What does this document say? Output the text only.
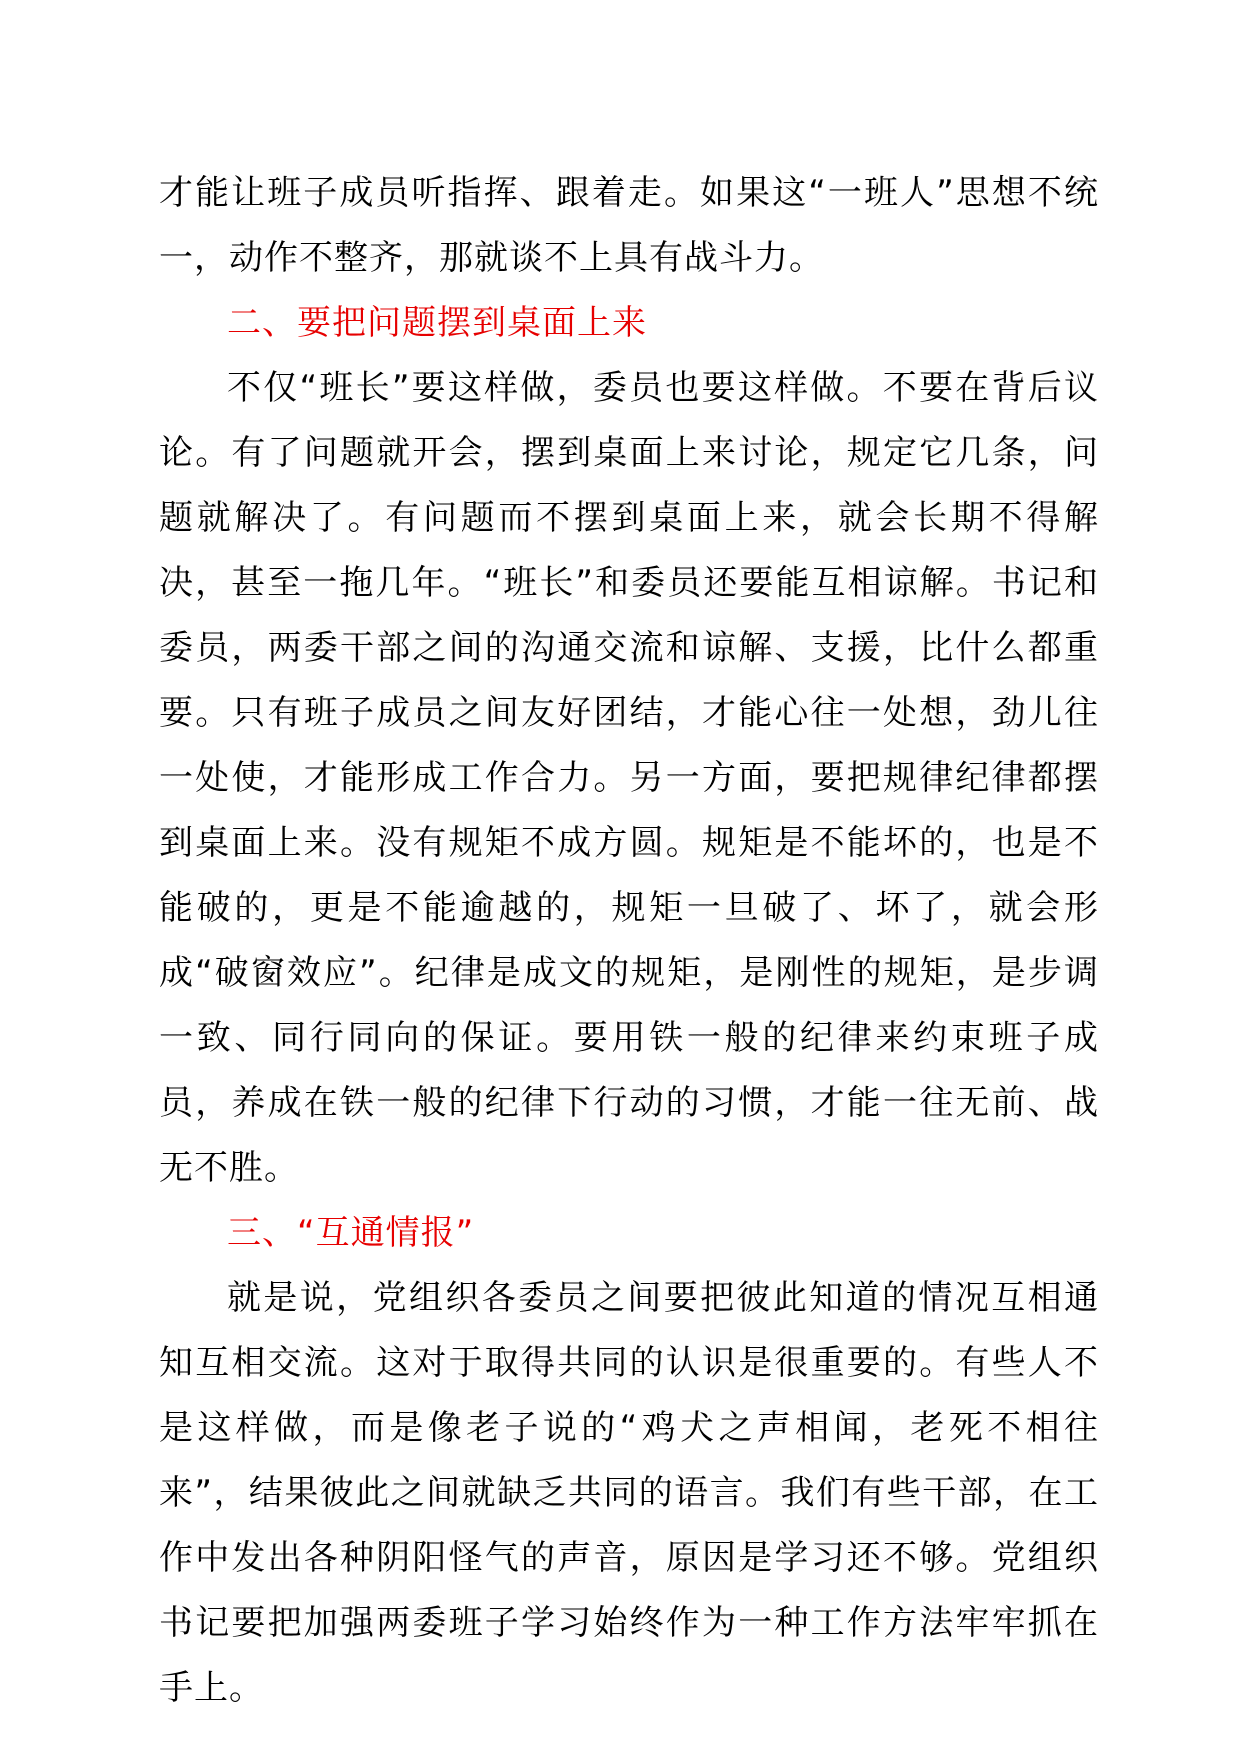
才能让班子成员听指挥、跟着走。如果这“一班人”思想不统一，动作不整齐，那就谈不上具有战斗力。

二、要把问题摆到桌面上来

不仅“班长”要这样做，委员也要这样做。不要在背后议论。有了问题就开会，摆到桌面上来讨论，规定它几条，问题就解决了。有问题而不摆到桌面上来，就会长期不得解决，甚至一拖几年。“班长”和委员还要能互相谅解。书记和委员，两委干部之间的沟通交流和谅解、支援，比什么都重要。只有班子成员之间友好团结，才能心往一处想，劲儿往一处使，才能形成工作合力。另一方面，要把规律纪律都摆到桌面上来。没有规矩不成方圆。规矩是不能坏的，也是不能破的，更是不能逾越的，规矩一旦破了、坏了，就会形成“破窗效应”。纪律是成文的规矩，是刚性的规矩，是步调一致、同行同向的保证。要用铁一般的纪律来约束班子成员，养成在铁一般的纪律下行动的习惯，才能一往无前、战无不胜。

三、“互通情报”

就是说，党组织各委员之间要把彼此知道的情况互相通知互相交流。这对于取得共同的认识是很重要的。有些人不是这样做，而是像老子说的“鸡犬之声相闻，老死不相往来”，结果彼此之间就缺乏共同的语言。我们有些干部，在工作中发出各种阴阳怪气的声音，原因是学习还不够。党组织书记要把加强两委班子学习始终作为一种工作方法牢牢抓在手上。
